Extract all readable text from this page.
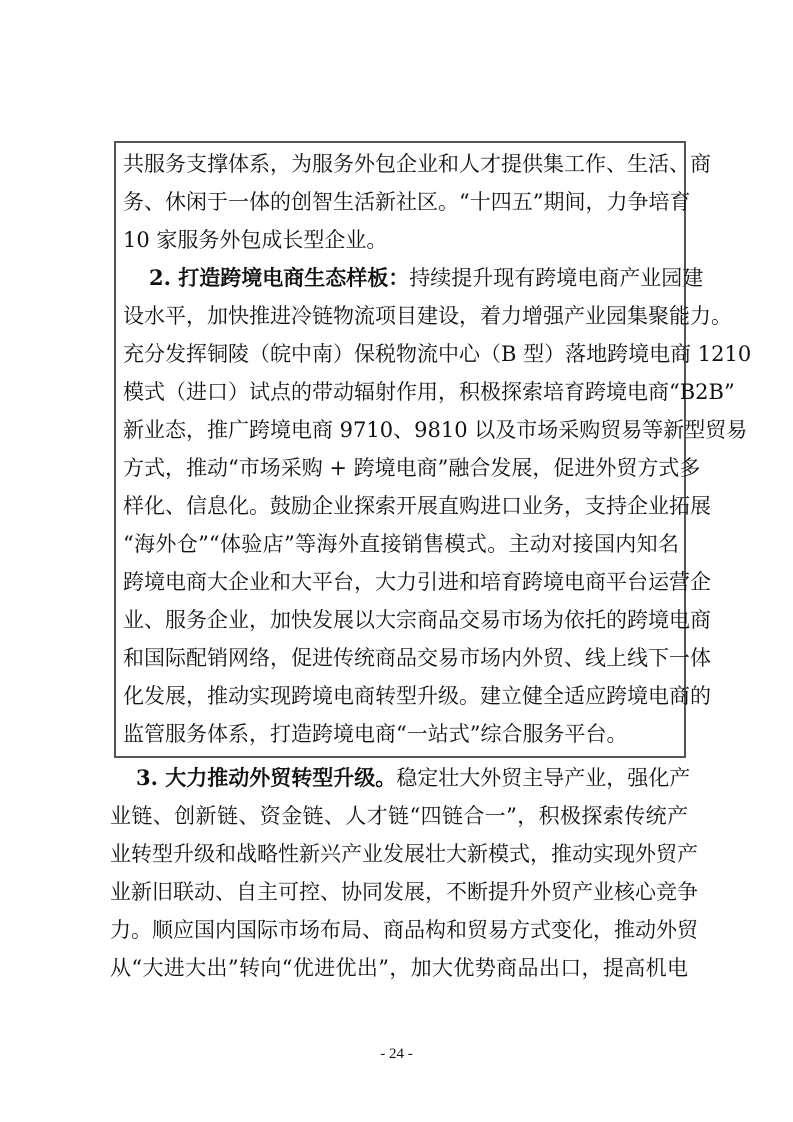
共服务支撑体系，为服务外包企业和人才提供集工作、生活、商
务、休闲于一体的创智生活新社区。“十四五”期间，力争培育
10 家服务外包成长型企业。
2. 打造跨境电商生态样板：持续提升现有跨境电商产业园建
设水平，加快推进冷链物流项目建设，着力增强产业园集聚能力。
充分发挥铜陵（皖中南）保税物流中心（B 型）落地跨境电商 1210
模式（进口）试点的带动辐射作用，积极探索培育跨境电商“B2B”
新业态，推广跨境电商 9710、9810 以及市场采购贸易等新型贸易
方式，推动“市场采购 + 跨境电商”融合发展，促进外贸方式多
样化、信息化。鼓励企业探索开展直购进口业务，支持企业拓展
“海外仓”“体验店”等海外直接销售模式。主动对接国内知名
跨境电商大企业和大平台，大力引进和培育跨境电商平台运营企
业、服务企业，加快发展以大宗商品交易市场为依托的跨境电商
和国际配销网络，促进传统商品交易市场内外贸、线上线下一体
化发展，推动实现跨境电商转型升级。建立健全适应跨境电商的
监管服务体系，打造跨境电商“一站式”综合服务平台。
3. 大力推动外贸转型升级。稳定壮大外贸主导产业，强化产
业链、创新链、资金链、人才链“四链合一”，积极探索传统产
业转型升级和战略性新兴产业发展壮大新模式，推动实现外贸产
业新旧联动、自主可控、协同发展，不断提升外贸产业核心竞争
力。顺应国内国际市场布局、商品构和贸易方式变化，推动外贸
从“大进大出”转向“优进优出”，加大优势商品出口，提高机电
- 24 -
